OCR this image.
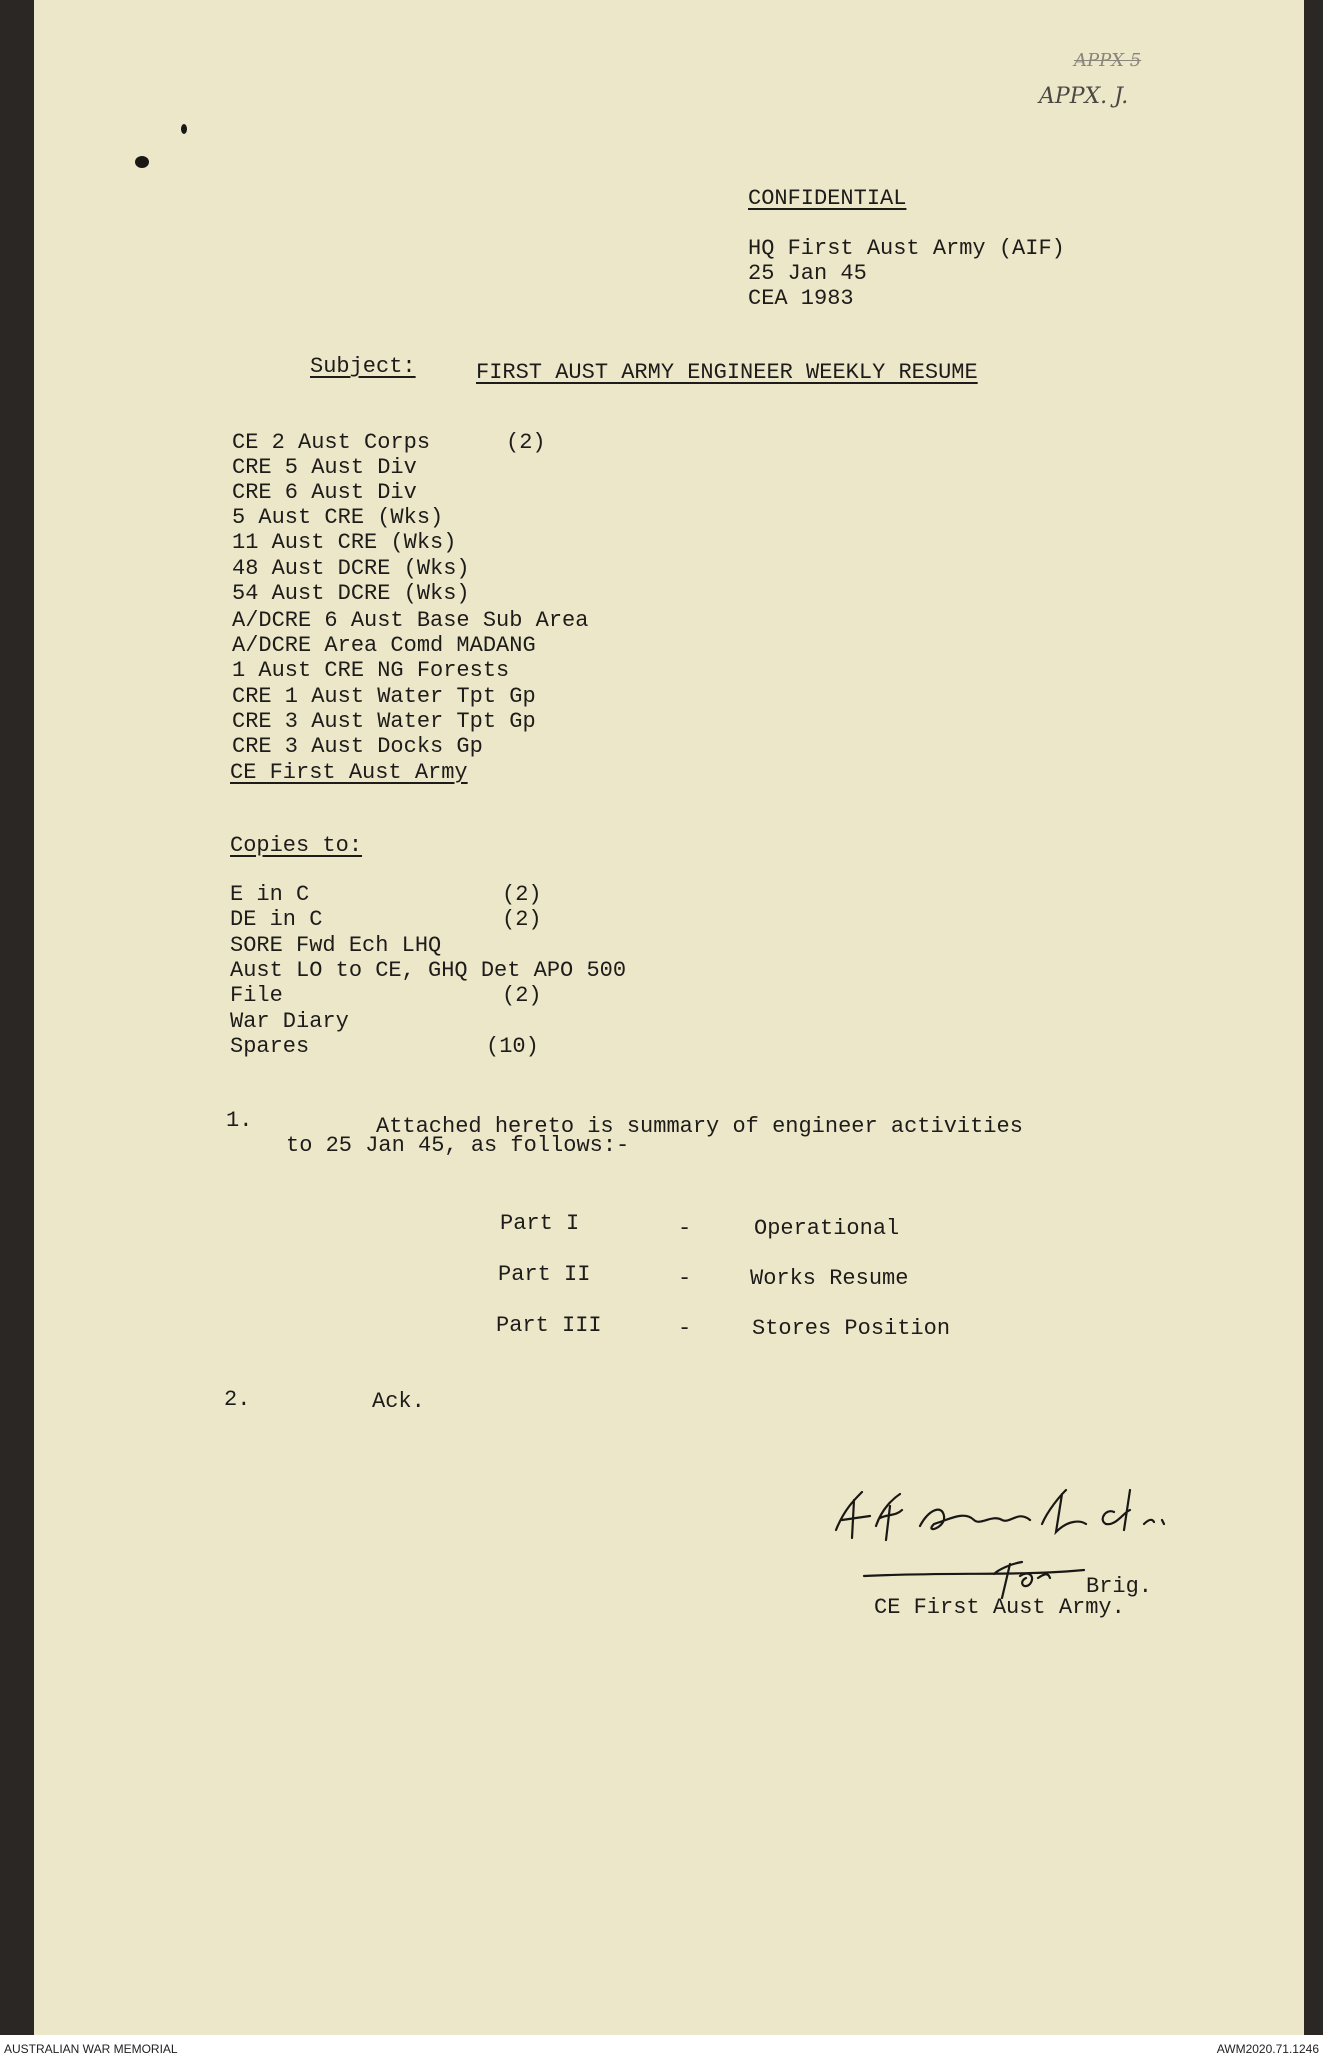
APPX 5
APPX. J.
CONFIDENTIAL
HQ First Aust Army (AIF)
25 Jan 45
CEA 1983
Subject:	FIRST AUST ARMY ENGINEER WEEKLY RESUME
CE 2 Aust Corps	(2)
CRE 5 Aust Div
CRE 6 Aust Div
5 Aust CRE (Wks)
11 Aust CRE (Wks)
48 Aust DCRE (Wks)
54 Aust DCRE (Wks)
A/DCRE 6 Aust Base Sub Area
A/DCRE Area Comd MADANG
1 Aust CRE NG Forests
CRE 1 Aust Water Tpt Gp
CRE 3 Aust Water Tpt Gp
CRE 3 Aust Docks Gp
CE First Aust Army
Copies to:
E in C	(2)
DE in C	(2)
SORE Fwd Ech LHQ
Aust LO to CE, GHQ Det APO 500
File	(2)
War Diary
Spares	(10)
1.	Attached hereto is summary of engineer activities
to 25 Jan 45, as follows:-
Part I	-	Operational
Part II	-	Works Resume
Part III	-	Stores Position
2.	Ack.
Brig.
CE First Aust Army.
AUSTRALIAN WAR MEMORIAL	AWM2020.71.1246
